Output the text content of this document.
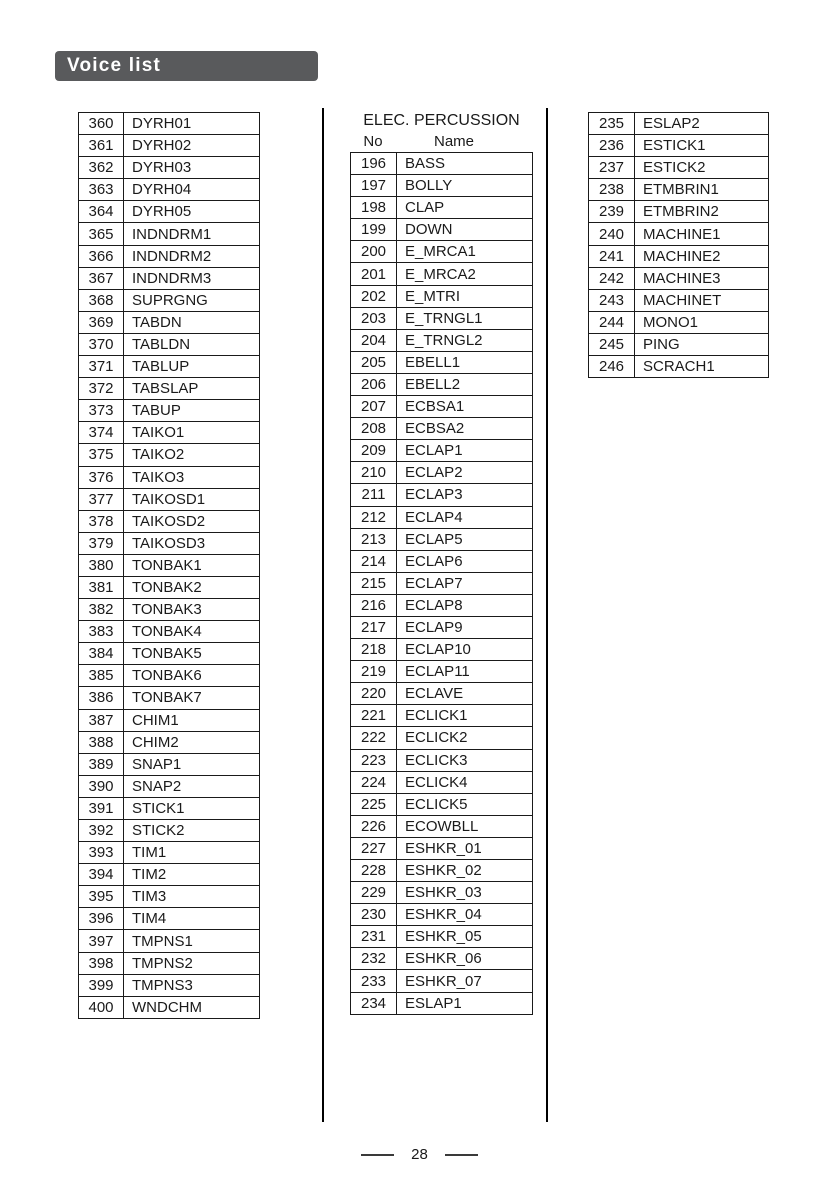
Voice list
360	DYRH01
361	DYRH02
362	DYRH03
363	DYRH04
364	DYRH05
365	INDNDRM1
366	INDNDRM2
367	INDNDRM3
368	SUPRGNG
369	TABDN
370	TABLDN
371	TABLUP
372	TABSLAP
373	TABUP
374	TAIKO1
375	TAIKO2
376	TAIKO3
377	TAIKOSD1
378	TAIKOSD2
379	TAIKOSD3
380	TONBAK1
381	TONBAK2
382	TONBAK3
383	TONBAK4
384	TONBAK5
385	TONBAK6
386	TONBAK7
387	CHIM1
388	CHIM2
389	SNAP1
390	SNAP2
391	STICK1
392	STICK2
393	TIM1
394	TIM2
395	TIM3
396	TIM4
397	TMPNS1
398	TMPNS2
399	TMPNS3
400	WNDCHM
ELEC. PERCUSSION
No	Name
196	BASS
197	BOLLY
198	CLAP
199	DOWN
200	E_MRCA1
201	E_MRCA2
202	E_MTRI
203	E_TRNGL1
204	E_TRNGL2
205	EBELL1
206	EBELL2
207	ECBSA1
208	ECBSA2
209	ECLAP1
210	ECLAP2
211	ECLAP3
212	ECLAP4
213	ECLAP5
214	ECLAP6
215	ECLAP7
216	ECLAP8
217	ECLAP9
218	ECLAP10
219	ECLAP11
220	ECLAVE
221	ECLICK1
222	ECLICK2
223	ECLICK3
224	ECLICK4
225	ECLICK5
226	ECOWBLL
227	ESHKR_01
228	ESHKR_02
229	ESHKR_03
230	ESHKR_04
231	ESHKR_05
232	ESHKR_06
233	ESHKR_07
234	ESLAP1
235	ESLAP2
236	ESTICK1
237	ESTICK2
238	ETMBRIN1
239	ETMBRIN2
240	MACHINE1
241	MACHINE2
242	MACHINE3
243	MACHINET
244	MONO1
245	PING
246	SCRACH1
28
